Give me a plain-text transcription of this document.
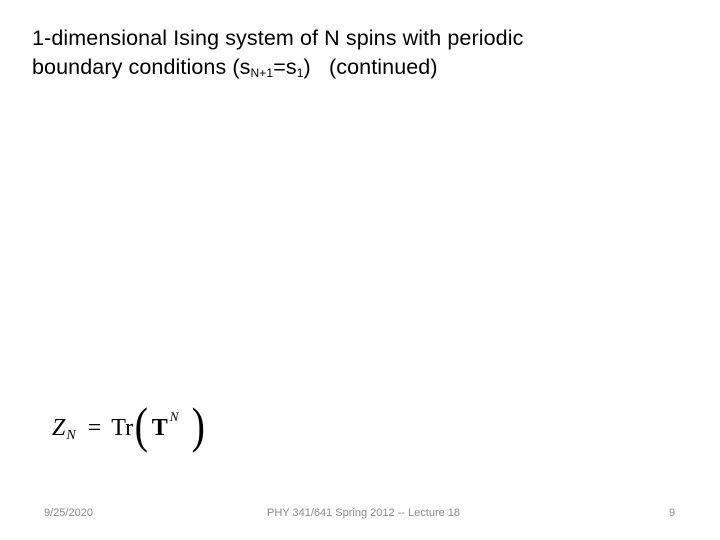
1-dimensional Ising system of N spins with periodic
boundary conditions $(s_{N+1}=s_1)$   (continued)
Z N = Tr ( T N )
9/25/2020	PHY 341/641 Spring 2012 -- Lecture 18	9
